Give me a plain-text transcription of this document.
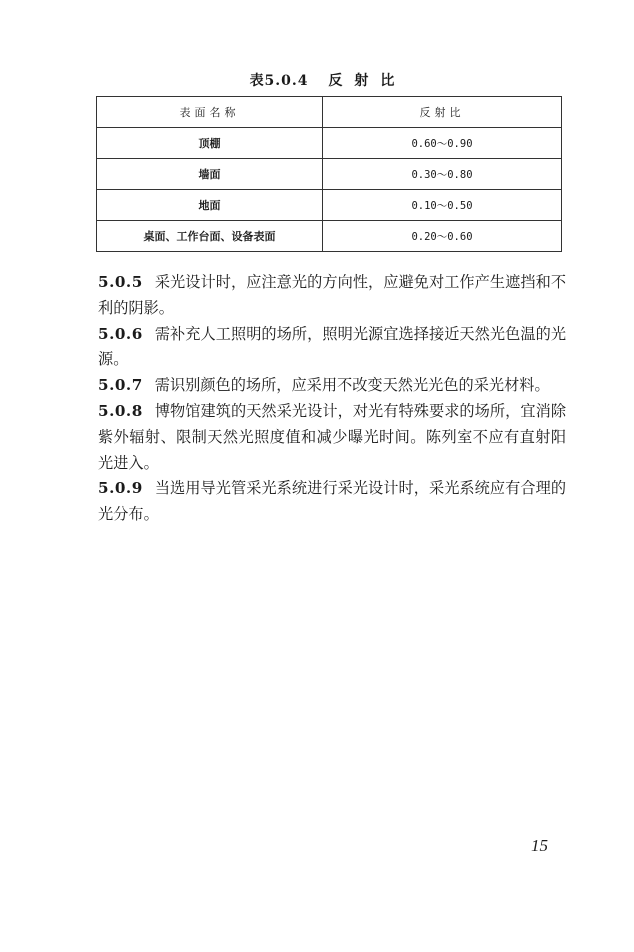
表5.0.4 反射比
表面名称	反射比
顶棚	0.60～0.90
墙面	0.30～0.80
地面	0.10～0.50
桌面、工作台面、设备表面	0.20～0.60

5.0.5 采光设计时，应注意光的方向性，应避免对工作产生遮挡和不利的阴影。

5.0.6 需补充人工照明的场所，照明光源宜选择接近天然光色温的光源。

5.0.7 需识别颜色的场所，应采用不改变天然光光色的采光材料。

5.0.8 博物馆建筑的天然采光设计，对光有特殊要求的场所，宜消除紫外辐射、限制天然光照度值和减少曝光时间。陈列室不应有直射阳光进入。

5.0.9 当选用导光管采光系统进行采光设计时，采光系统应有合理的光分布。

15
